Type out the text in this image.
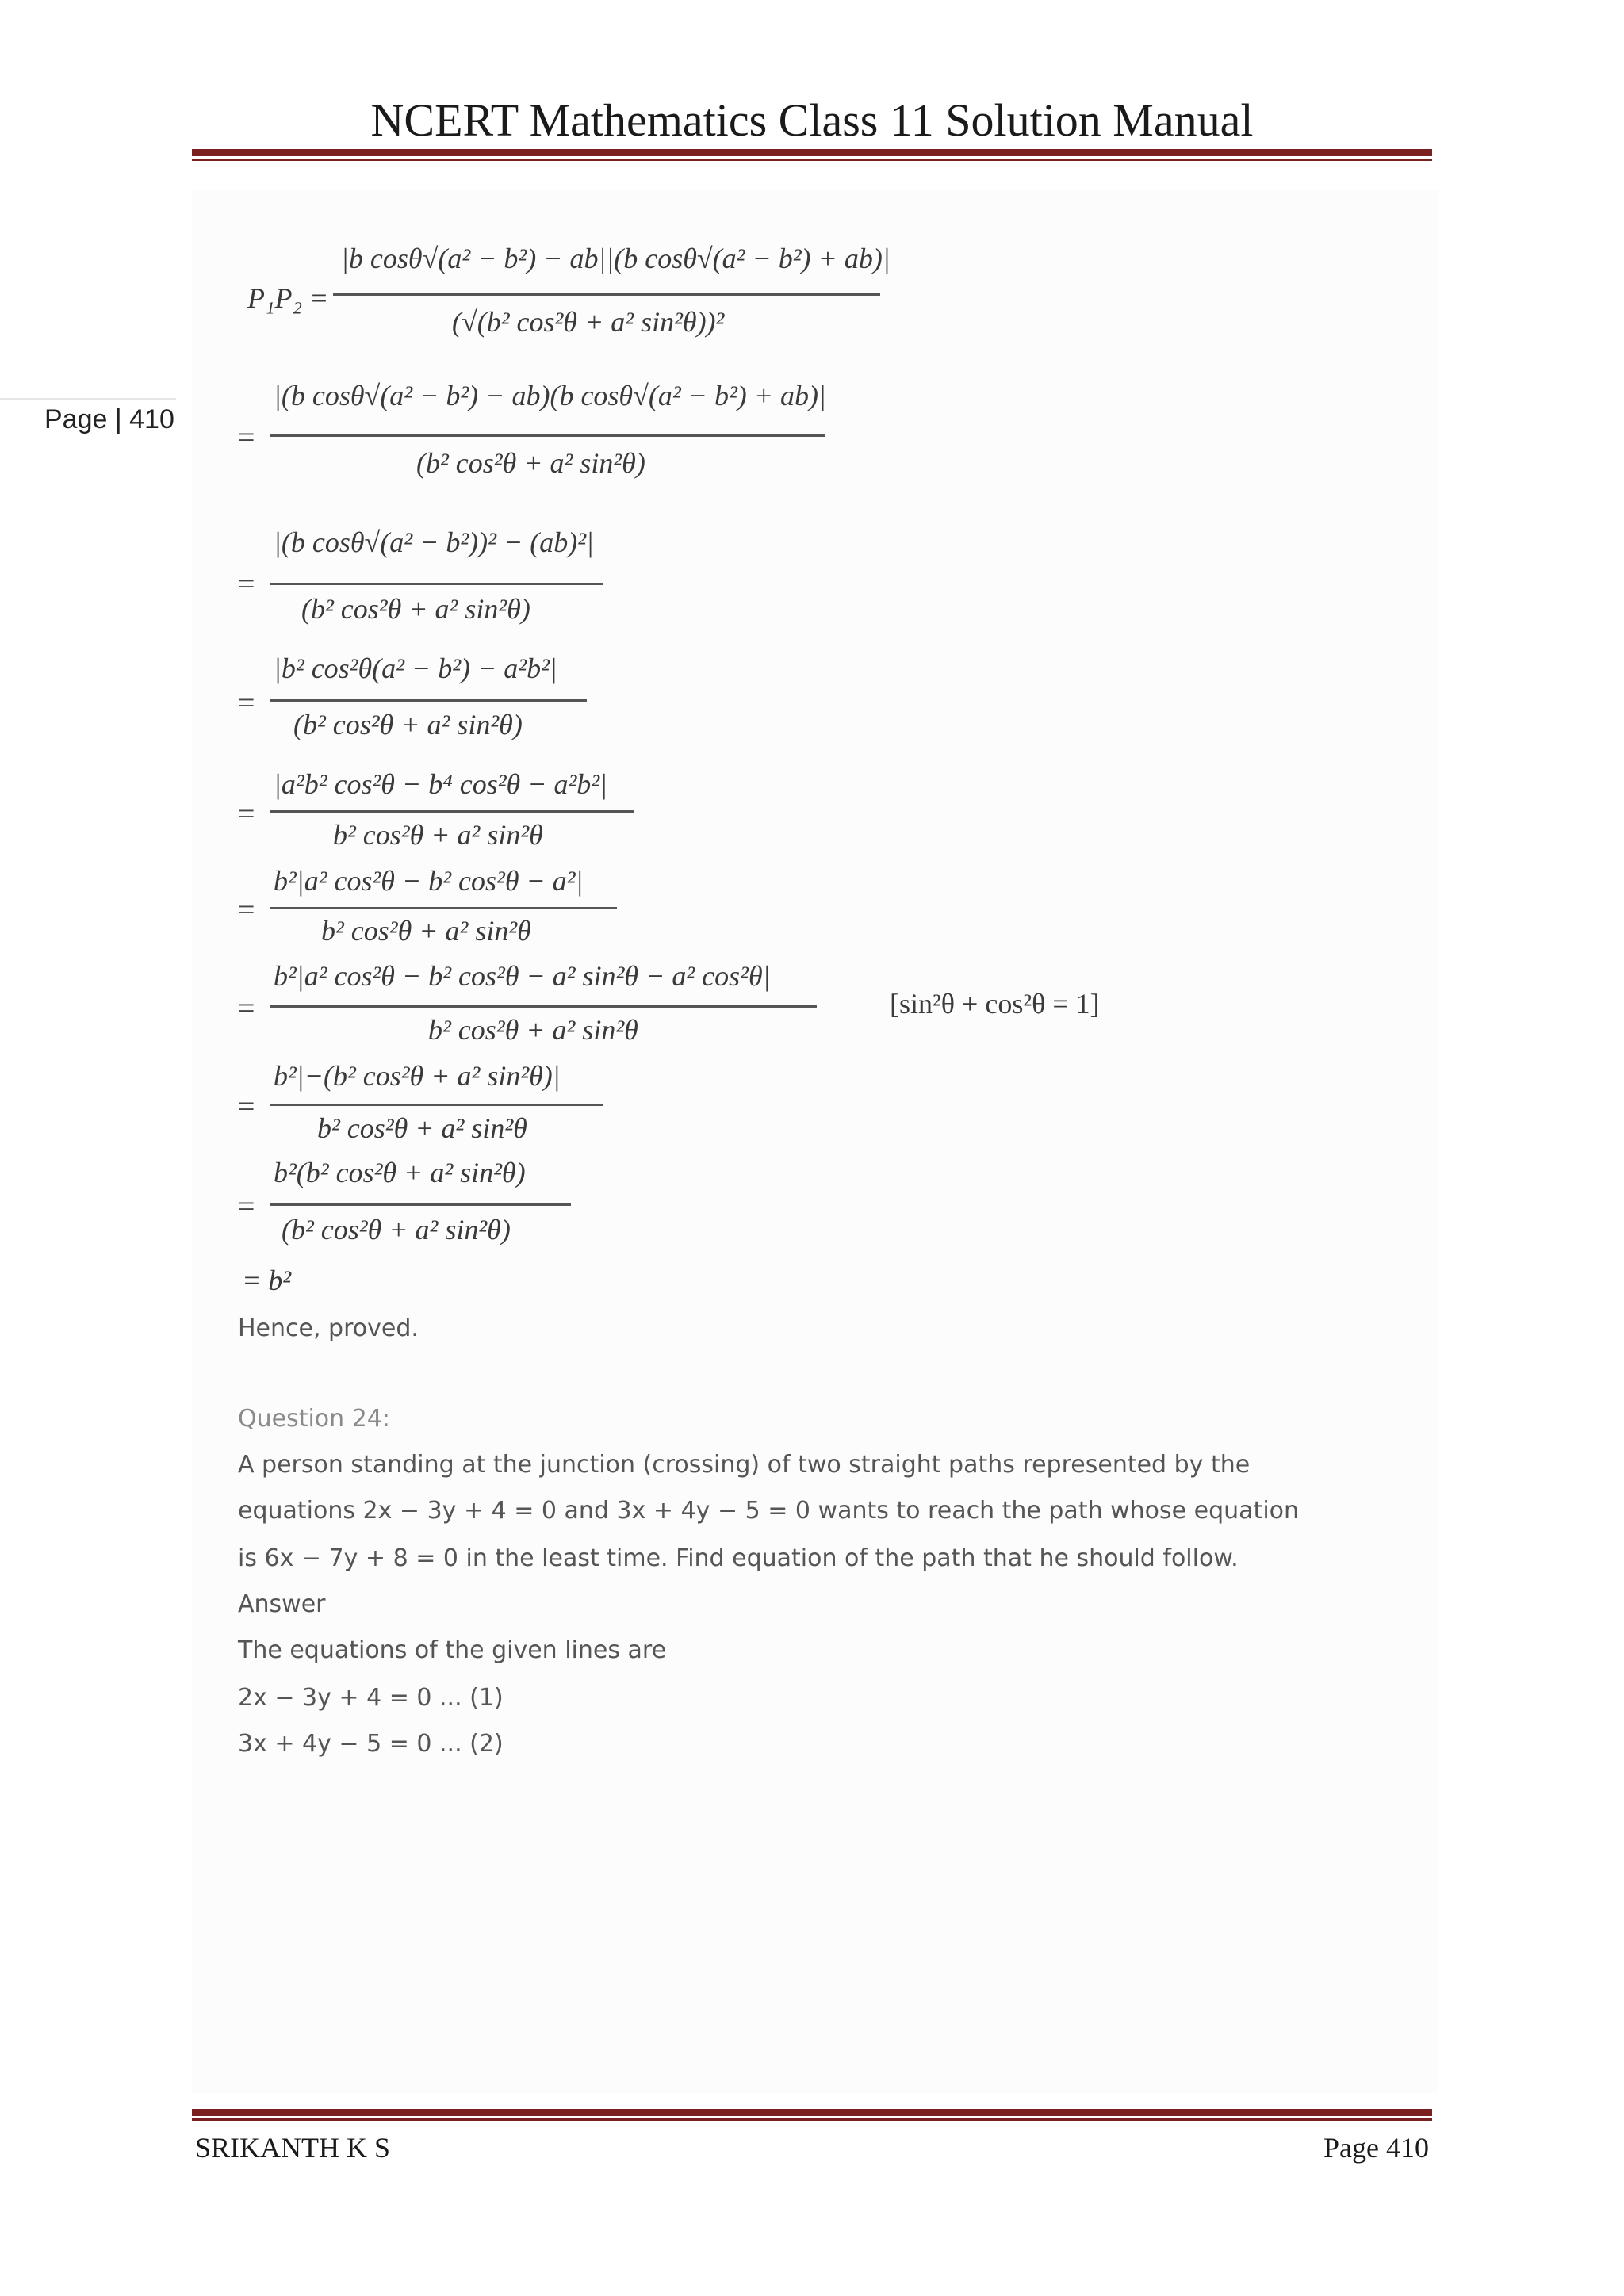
NCERT Mathematics Class 11 Solution Manual
Page | 410
P₁P₂ =
|b cosθ√(a² − b²) − ab||(b cosθ√(a² − b²) + ab)|
(√(b² cos²θ + a² sin²θ))²
=
|(b cosθ√(a² − b²) − ab)(b cosθ√(a² − b²) + ab)|
(b² cos²θ + a² sin²θ)
=
|(b cosθ√(a² − b²))² − (ab)²|
(b² cos²θ + a² sin²θ)
=
|b² cos²θ(a² − b²) − a²b²|
(b² cos²θ + a² sin²θ)
=
|a²b² cos²θ − b⁴ cos²θ − a²b²|
b² cos²θ + a² sin²θ
=
b²|a² cos²θ − b² cos²θ − a²|
b² cos²θ + a² sin²θ
=
b²|a² cos²θ − b² cos²θ − a² sin²θ − a² cos²θ|
b² cos²θ + a² sin²θ
[sin²θ + cos²θ = 1]
=
b²|−(b² cos²θ + a² sin²θ)|
b² cos²θ + a² sin²θ
=
b²(b² cos²θ + a² sin²θ)
(b² cos²θ + a² sin²θ)
= b²
Hence, proved.
Question 24:
A person standing at the junction (crossing) of two straight paths represented by the
equations 2x − 3y + 4 = 0 and 3x + 4y − 5 = 0 wants to reach the path whose equation
is 6x − 7y + 8 = 0 in the least time. Find equation of the path that he should follow.
Answer
The equations of the given lines are
2x − 3y + 4 = 0 ... (1)
3x + 4y − 5 = 0 ... (2)
SRIKANTH K S	Page 410
